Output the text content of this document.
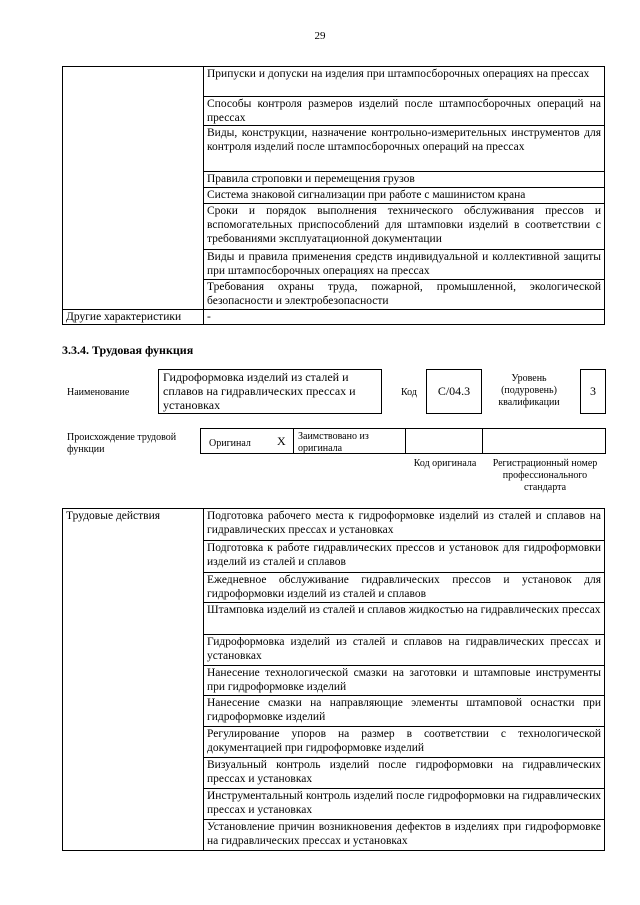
29
	Припуски и допуски на изделия при штампосборочных операциях на прессах
	Способы контроля размеров изделий после штампосборочных операций на прессах
	Виды, конструкции, назначение контрольно-измерительных инструментов для контроля изделий после штампосборочных операций на прессах
	Правила строповки и перемещения грузов
	Система знаковой сигнализации при работе с машинистом крана
	Сроки и порядок выполнения технического обслуживания прессов и вспомогательных приспособлений для штамповки изделий в соответствии с требованиями эксплуатационной документации
	Виды и правила применения средств индивидуальной и коллективной защиты при штампосборочных операциях на прессах
	Требования охраны труда, пожарной, промышленной, экологической безопасности и электробезопасности
Другие характеристики	-
3.3.4. Трудовая функция
Наименование
Гидроформовка изделий из сталей и сплавов на гидравлических прессах и установках
Код	C/04.3
Уровень (подуровень) квалификации
3
Происхождение трудовой функции
Оригинал X Заимствовано из оригинала
Код оригинала	Регистрационный номер профессионального стандарта
Трудовые действия	Подготовка рабочего места к гидроформовке изделий из сталей и сплавов на гидравлических прессах и установках
Подготовка к работе гидравлических прессов и установок для гидроформовки изделий из сталей и сплавов
Ежедневное обслуживание гидравлических прессов и установок для гидроформовки изделий из сталей и сплавов
Штамповка изделий из сталей и сплавов жидкостью на гидравлических прессах
Гидроформовка изделий из сталей и сплавов на гидравлических прессах и установках
Нанесение технологической смазки на заготовки и штамповые инструменты при гидроформовке изделий
Нанесение смазки на направляющие элементы штамповой оснастки при гидроформовке изделий
Регулирование упоров на размер в соответствии с технологической документацией при гидроформовке изделий
Визуальный контроль изделий после гидроформовки на гидравлических прессах и установках
Инструментальный контроль изделий после гидроформовки на гидравлических прессах и установках
Установление причин возникновения дефектов в изделиях при гидроформовке на гидравлических прессах и установках
